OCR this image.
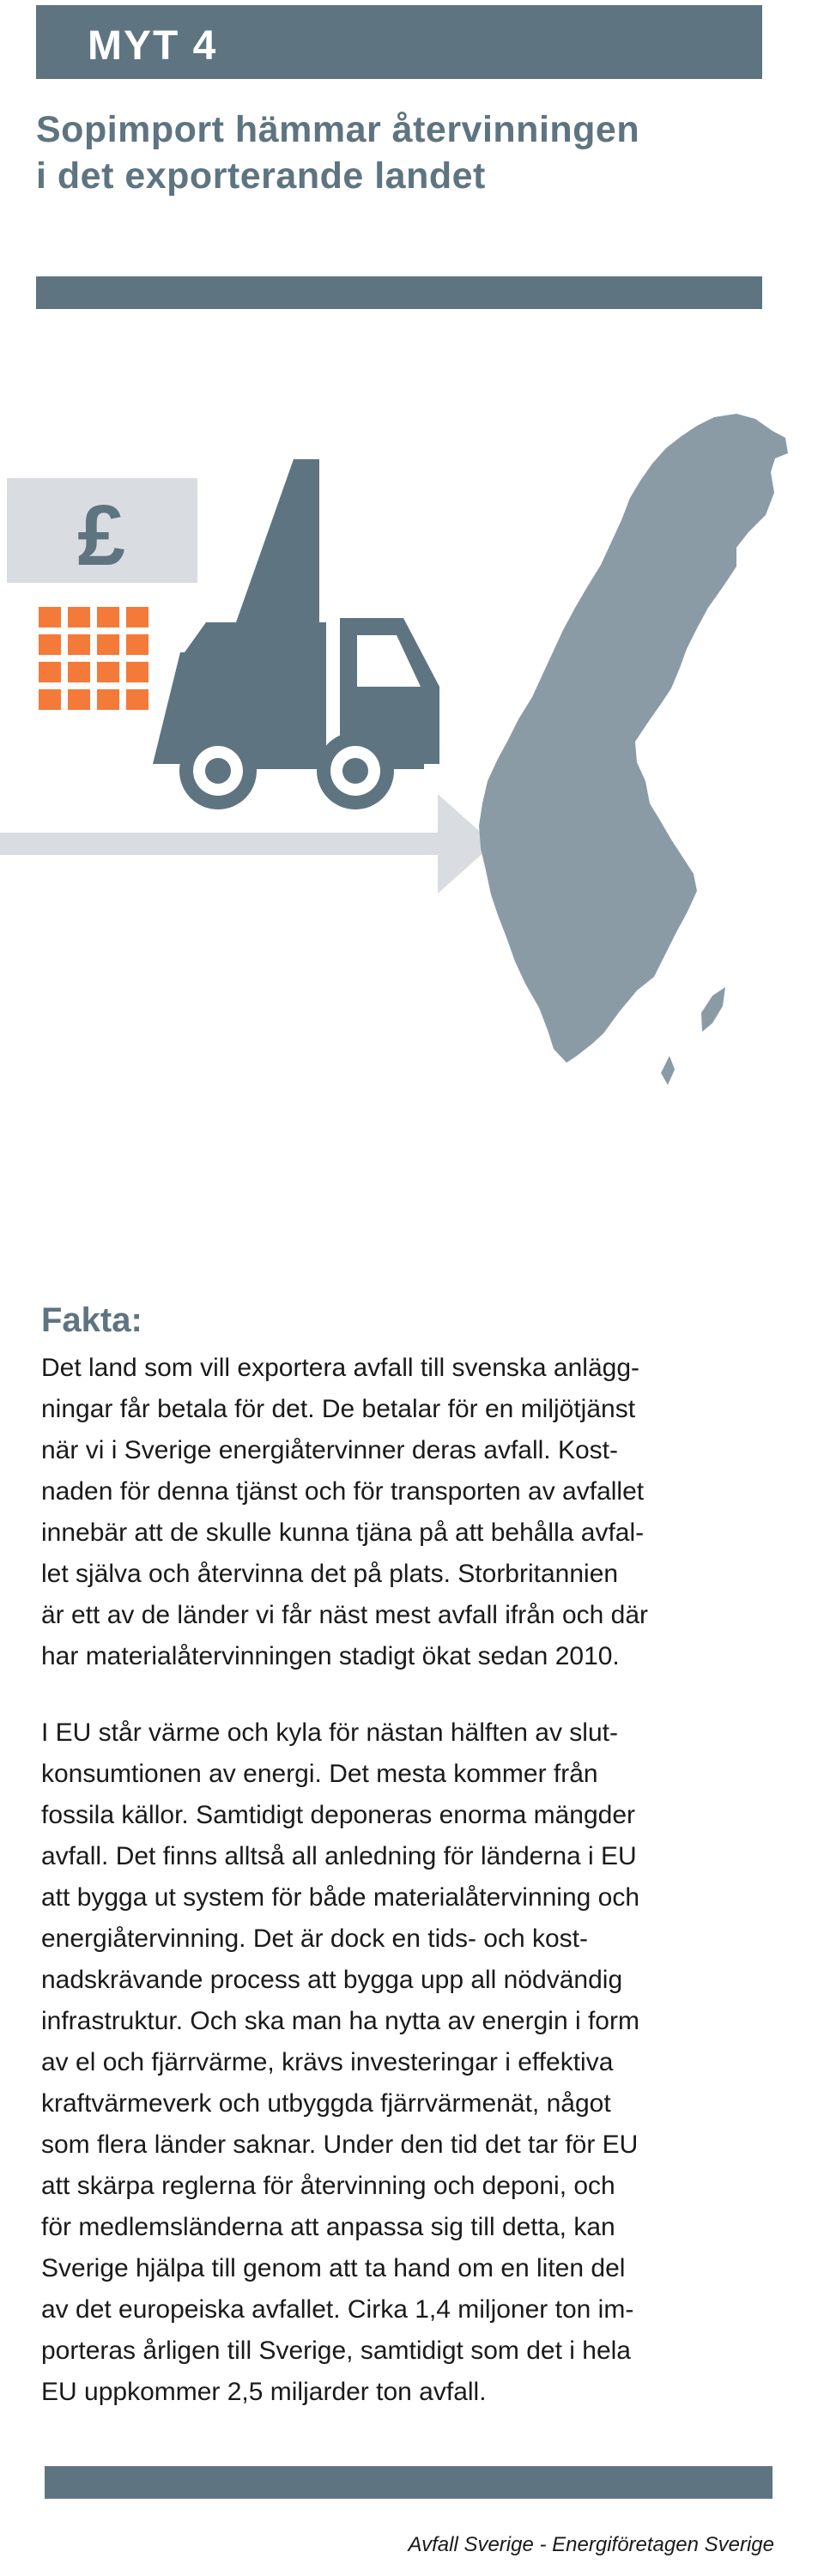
MYT 4
Sopimport hämmar återvinningen
i det exporterande landet
£
Fakta:

Det land som vill exportera avfall till svenska anlägg-
ningar får betala för det. De betalar för en miljötjänst
när vi i Sverige energiåtervinner deras avfall. Kost-
naden för denna tjänst och för transporten av avfallet
innebär att de skulle kunna tjäna på att behålla avfal-
let själva och återvinna det på plats. Storbritannien
är ett av de länder vi får näst mest avfall ifrån och där
har materialåtervinningen stadigt ökat sedan 2010.

I EU står värme och kyla för nästan hälften av slut-
konsumtionen av energi. Det mesta kommer från
fossila källor. Samtidigt deponeras enorma mängder
avfall. Det finns alltså all anledning för länderna i EU
att bygga ut system för både materialåtervinning och
energiåtervinning. Det är dock en tids- och kost-
nadskrävande process att bygga upp all nödvändig
infrastruktur. Och ska man ha nytta av energin i form
av el och fjärrvärme, krävs investeringar i effektiva
kraftvärmeverk och utbyggda fjärrvärmenät, något
som flera länder saknar. Under den tid det tar för EU
att skärpa reglerna för återvinning och deponi, och
för medlemsländerna att anpassa sig till detta, kan
Sverige hjälpa till genom att ta hand om en liten del
av det europeiska avfallet. Cirka 1,4 miljoner ton im-
porteras årligen till Sverige, samtidigt som det i hela
EU uppkommer 2,5 miljarder ton avfall.

Avfall Sverige - Energiföretagen Sverige
